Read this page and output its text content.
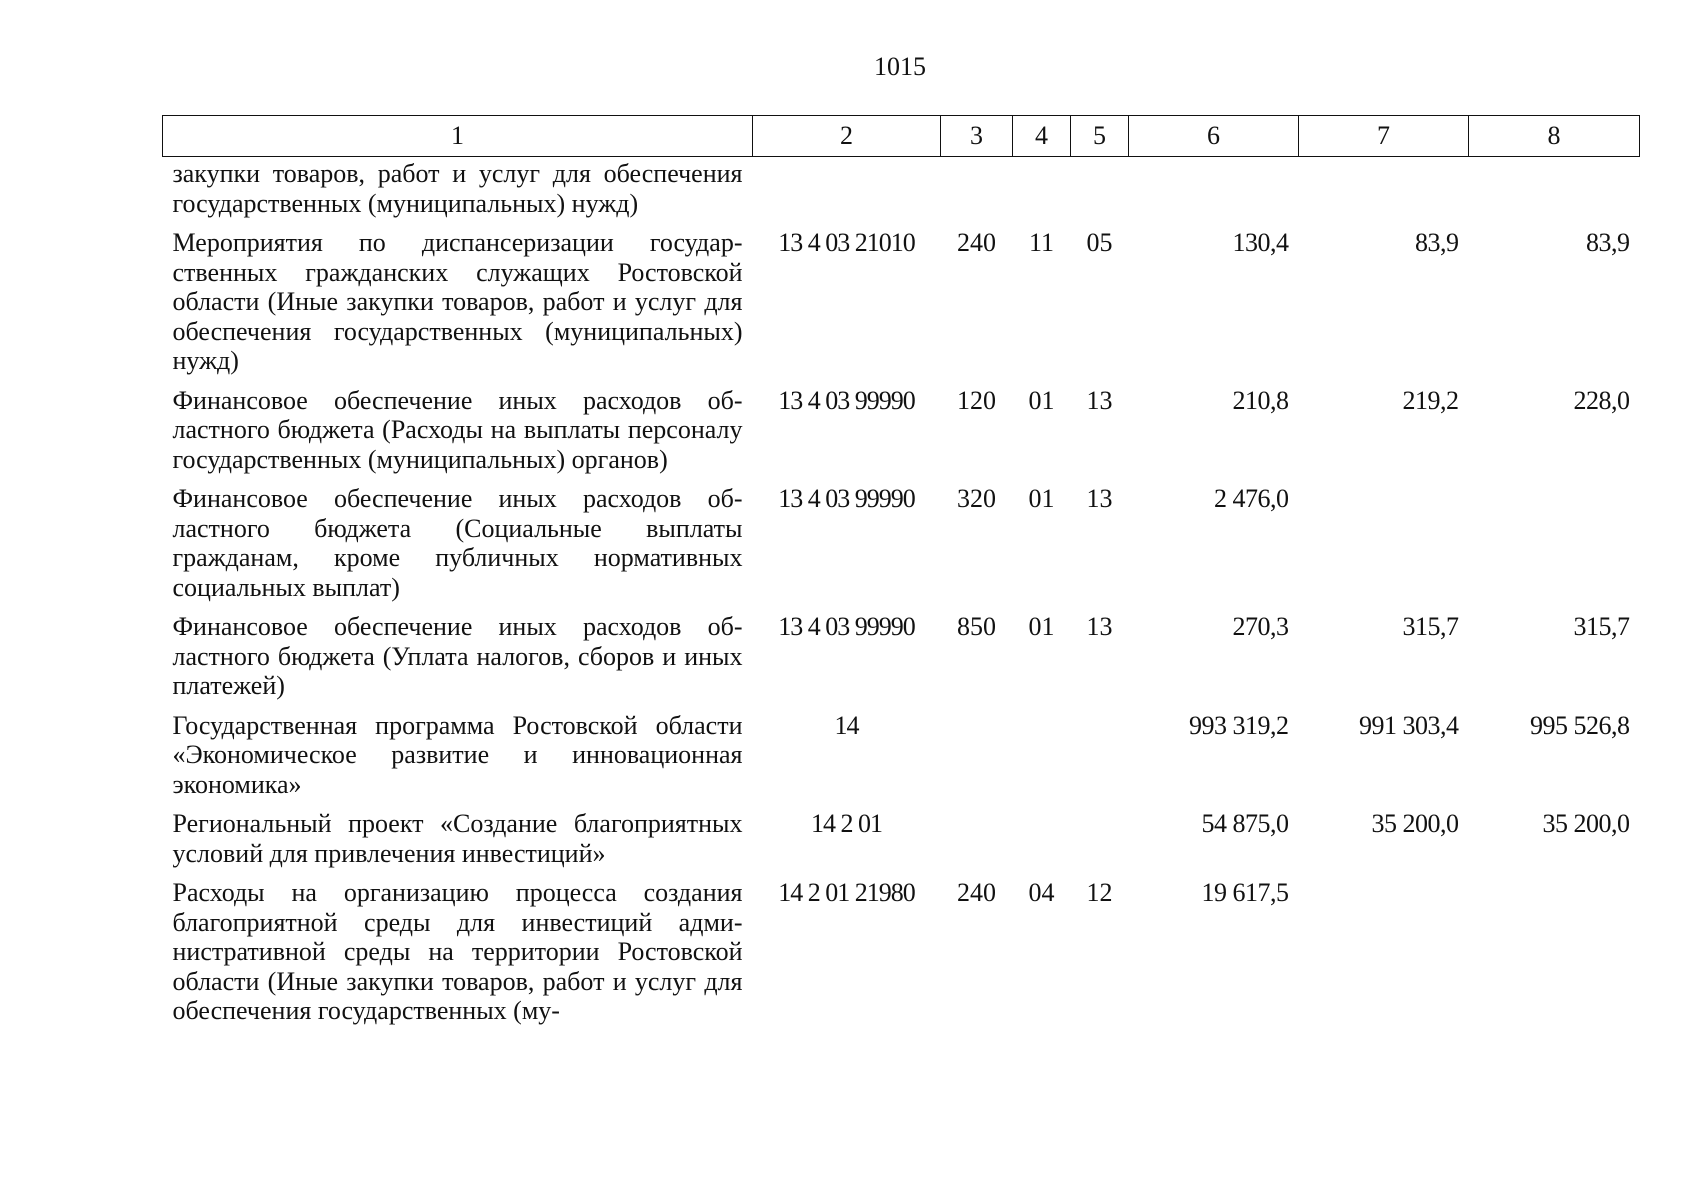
1015
1	2	3	4	5	6	7	8
закупки товаров, работ и услуг для обеспечения государственных (муниципальных) нужд)							
Мероприятия по диспансеризации государственных гражданских служащих Ростовской области (Иные закупки товаров, работ и услуг для обеспечения государственных (муниципальных) нужд)	13 4 03 21010	240	11	05	130,4	83,9	83,9
Финансовое обеспечение иных расходов областного бюджета (Расходы на выплаты персоналу государственных (муниципальных) органов)	13 4 03 99990	120	01	13	210,8	219,2	228,0
Финансовое обеспечение иных расходов областного бюджета (Социальные выплаты гражданам, кроме публичных нормативных социальных выплат)	13 4 03 99990	320	01	13	2 476,0		
Финансовое обеспечение иных расходов областного бюджета (Уплата налогов, сборов и иных платежей)	13 4 03 99990	850	01	13	270,3	315,7	315,7
Государственная программа Ростовской области «Экономическое развитие и инновационная экономика»	14				993 319,2	991 303,4	995 526,8
Региональный проект «Создание благоприятных условий для привлечения инвестиций»	14 2 01				54 875,0	35 200,0	35 200,0
Расходы на организацию процесса создания благоприятной среды для инвестиций административной среды на территории Ростовской области (Иные закупки товаров, работ и услуг для обеспечения государственных (му-	14 2 01 21980	240	04	12	19 617,5		
